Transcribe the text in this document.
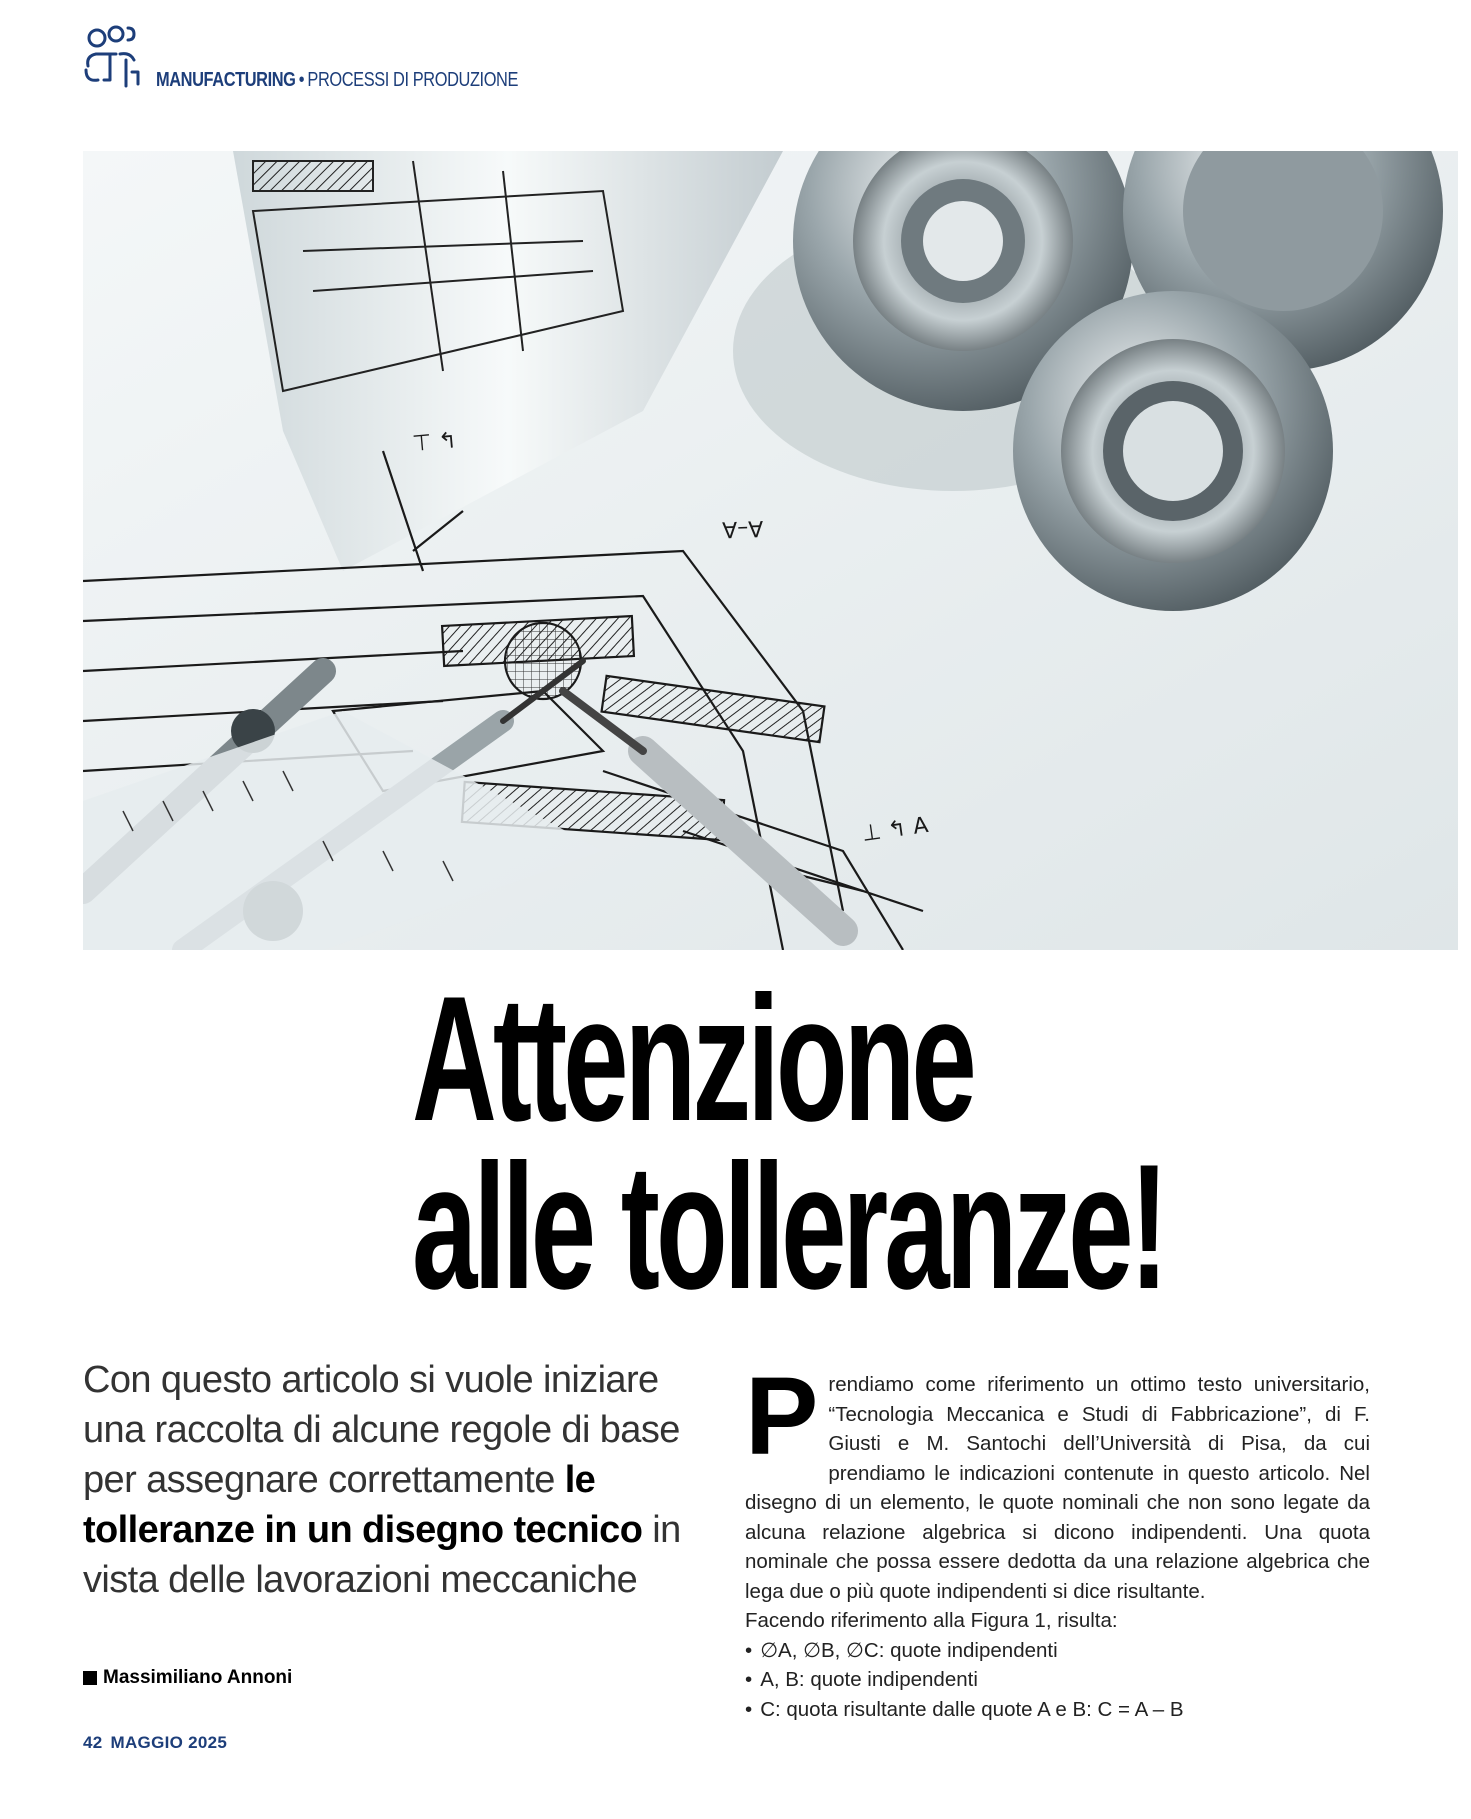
MANUFACTURING • PROCESSI DI PRODUZIONE
⊥ ↰ A
A–A
⊤ ↰
Attenzione
alle tolleranze!
Con questo articolo si vuole iniziare una raccolta di alcune regole di base per assegnare correttamente le tolleranze in un disegno tecnico in vista delle lavorazioni meccaniche
Massimiliano Annoni
P rendiamo come riferimento un ottimo testo universitario, “Tecnologia Meccanica e Studi di Fabbricazione”, di F. Giusti e M. Santochi dell’Università di Pisa, da cui prendiamo le indicazioni contenute in questo articolo. Nel disegno di un elemento, le quote nominali che non sono legate da alcuna relazione algebrica si dicono indipendenti. Una quota nominale che possa essere dedotta da una relazione algebrica che lega due o più quote indipendenti si dice risultante.

Facendo riferimento alla Figura 1, risulta:

• ∅A, ∅B, ∅C: quote indipendenti
• A, B: quote indipendenti
• C: quota risultante dalle quote A e B: C = A – B
42 MAGGIO 2025
